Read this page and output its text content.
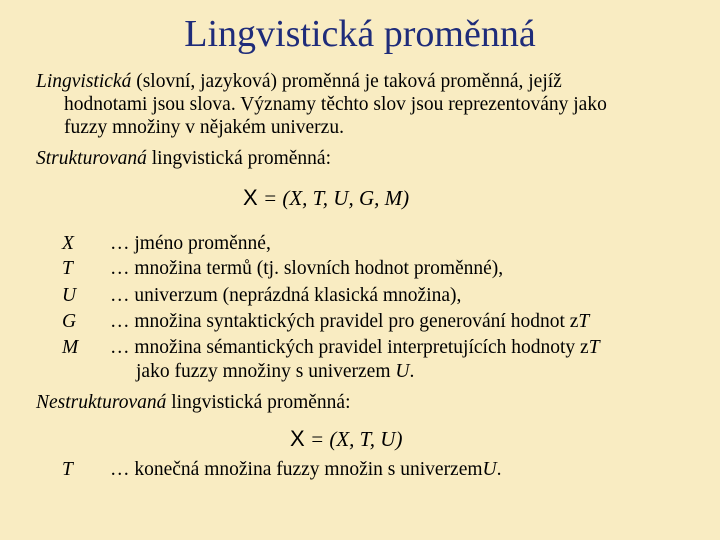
Lingvistická proměnná
Lingvistická (slovní, jazyková) proměnná je taková proměnná, jejíž
hodnotami jsou slova. Významy těchto slov jsou reprezentovány jako
fuzzy množiny v nějakém univerzu.
Strukturovaná lingvistická proměnná:
X = (X, T, U, G, M)
X … jméno proměnné,
T … množina termů (tj. slovních hodnot proměnné),
U … univerzum (neprázdná klasická množina),
G … množina syntaktických pravidel pro generování hodnot zT
M … množina sémantických pravidel interpretujících hodnoty zT
jako fuzzy množiny s univerzem U.
Nestrukturovaná lingvistická proměnná:
X = (X, T, U)
T … konečná množina fuzzy množin s univerzemU.
